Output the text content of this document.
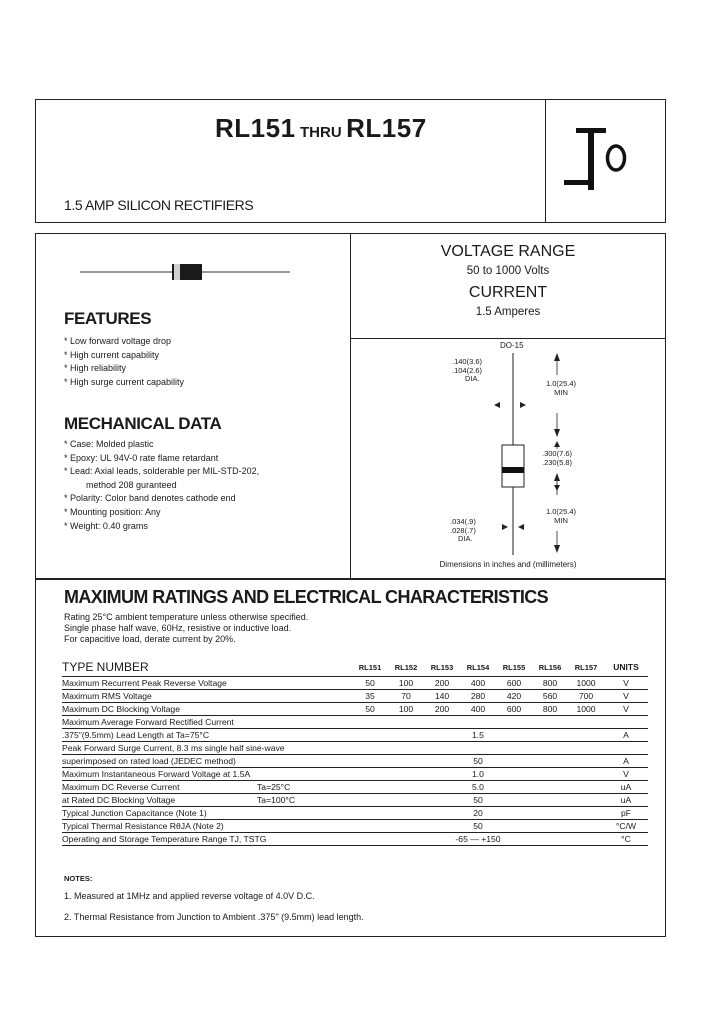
RL151 THRU RL157
1.5 AMP SILICON RECTIFIERS
FEATURES
* Low forward voltage drop
* High current capability
* High reliability
* High surge current capability
MECHANICAL DATA
* Case: Molded plastic
* Epoxy: UL 94V-0 rate flame retardant
* Lead: Axial leads, solderable per MIL-STD-202,
method 208 guranteed
* Polarity: Color band denotes cathode end
* Mounting position: Any
* Weight: 0.40 grams
VOLTAGE RANGE
50 to 1000 Volts
CURRENT
1.5 Amperes
DO-15
.140(3.6)
.104(2.6)
DIA.
1.0(25.4)
MIN
.300(7.6)
.230(5.8)
1.0(25.4)
MIN
.034(.9)
.028(.7)
DIA.
Dimensions in inches and (millimeters)
MAXIMUM RATINGS AND ELECTRICAL CHARACTERISTICS
Rating 25°C ambient temperature unless otherwise specified.
Single phase half wave, 60Hz, resistive or inductive load.
For capacitive load, derate current by 20%.
TYPE NUMBER	RL151	RL152	RL153	RL154	RL155	RL156	RL157	UNITS
Maximum Recurrent Peak Reverse Voltage	50	100	200	400	600	800	1000	V
Maximum RMS Voltage	35	70	140	280	420	560	700	V
Maximum DC Blocking Voltage	50	100	200	400	600	800	1000	V
Maximum Average Forward Rectified Current								
.375"(9.5mm) Lead Length at Ta=75°C	1.5							A
Peak Forward Surge Current, 8.3 ms single half sine-wave								
superimposed on rated load (JEDEC method)	50							A
Maximum Instantaneous Forward Voltage at 1.5A	1.0							V
Maximum DC Reverse Current Ta=25°C	5.0							uA
at Rated DC Blocking Voltage Ta=100°C	50							uA
Typical Junction Capacitance (Note 1)	20							pF
Typical Thermal Resistance RθJA (Note 2)	50							°C/W
Operating and Storage Temperature Range TJ, TSTG	-65 — +150							°C
NOTES:
1. Measured at 1MHz and applied reverse voltage of 4.0V D.C.
2. Thermal Resistance from Junction to Ambient .375" (9.5mm) lead length.
